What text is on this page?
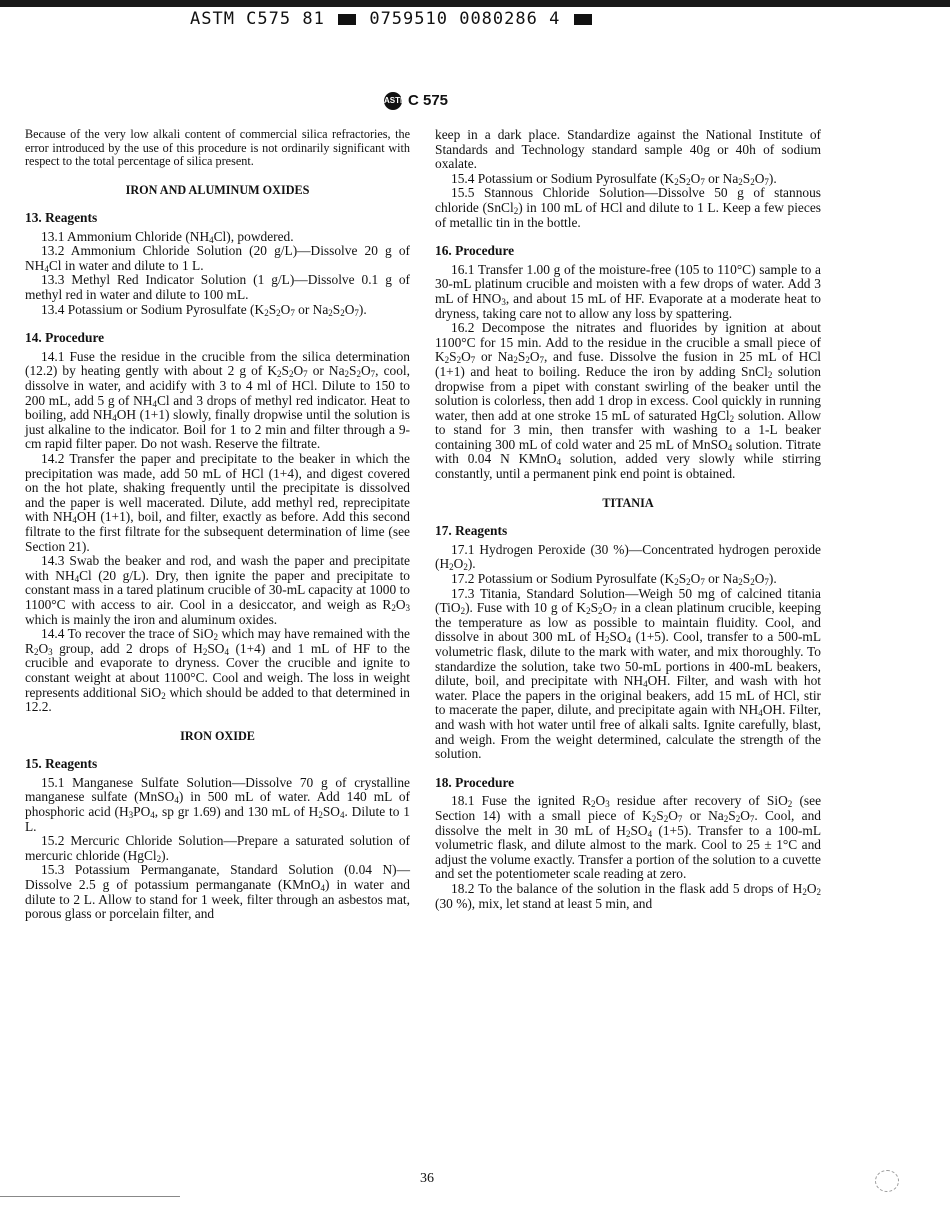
ASTM C575 81	0759510 0080286 4
ASTMC 575

Because of the very low alkali content of commercial silica refractories, the error introduced by the use of this procedure is not ordinarily significant with respect to the total percentage of silica present.

IRON AND ALUMINUM OXIDES
13. Reagents

13.1 Ammonium Chloride $(NH_4Cl)$, powdered.

13.2 Ammonium Chloride Solution (20 g/L)—Dissolve 20 g of $NH_4Cl$ in water and dilute to 1 L.

13.3 Methyl Red Indicator Solution (1 g/L)—Dissolve 0.1 g of methyl red in water and dilute to 100 mL.

13.4 Potassium or Sodium Pyrosulfate ($K_2S_2O_7$ or $Na_2S_2O_7$).

14. Procedure

14.1 Fuse the residue in the crucible from the silica determination (12.2) by heating gently with about 2 g of $K_2S_2O_7$ or $Na_2S_2O_7$, cool, dissolve in water, and acidify with 3 to 4 ml of HCl. Dilute to 150 to 200 mL, add 5 g of $NH_4Cl$ and 3 drops of methyl red indicator. Heat to boiling, add $NH_4OH$ (1+1) slowly, finally dropwise until the solution is just alkaline to the indicator. Boil for 1 to 2 min and filter through a 9-cm rapid filter paper. Do not wash. Reserve the filtrate.

14.2 Transfer the paper and precipitate to the beaker in which the precipitation was made, add 50 mL of HCl (1+4), and digest covered on the hot plate, shaking frequently until the precipitate is dissolved and the paper is well macerated. Dilute, add methyl red, reprecipitate with $NH_4OH$ (1+1), boil, and filter, exactly as before. Add this second filtrate to the first filtrate for the subsequent determination of lime (see Section 21).

14.3 Swab the beaker and rod, and wash the paper and precipitate with $NH_4Cl$ (20 g/L). Dry, then ignite the paper and precipitate to constant mass in a tared platinum crucible of 30-mL capacity at 1000 to 1100°C with access to air. Cool in a desiccator, and weigh as $R_2O_3$ which is mainly the iron and aluminum oxides.

14.4 To recover the trace of SiO$_2$ which may have remained with the $R_2O_3$ group, add 2 drops of $H_2SO_4$ (1+4) and 1 mL of HF to the crucible and evaporate to dryness. Cover the crucible and ignite to constant weight at about 1100°C. Cool and weigh. The loss in weight represents additional SiO$_2$ which should be added to that determined in 12.2.

IRON OXIDE
15. Reagents

15.1 Manganese Sulfate Solution—Dissolve 70 g of crystalline manganese sulfate (MnSO$_4$) in 500 mL of water. Add 140 mL of phosphoric acid ($H_3PO_4$, sp gr 1.69) and 130 mL of $H_2SO_4$. Dilute to 1 L.

15.2 Mercuric Chloride Solution—Prepare a saturated solution of mercuric chloride (HgCl$_2$).

15.3 Potassium Permanganate, Standard Solution (0.04 N)—Dissolve 2.5 g of potassium permanganate (KMnO$_4$) in water and dilute to 2 L. Allow to stand for 1 week, filter through an asbestos mat, porous glass or porcelain filter, and

keep in a dark place. Standardize against the National Institute of Standards and Technology standard sample 40g or 40h of sodium oxalate.

15.4 Potassium or Sodium Pyrosulfate ($K_2S_2O_7$ or $Na_2S_2O_7$).

15.5 Stannous Chloride Solution—Dissolve 50 g of stannous chloride (SnCl$_2$) in 100 mL of HCl and dilute to 1 L. Keep a few pieces of metallic tin in the bottle.

16. Procedure

16.1 Transfer 1.00 g of the moisture-free (105 to 110°C) sample to a 30-mL platinum crucible and moisten with a few drops of water. Add 3 mL of $HNO_3$, and about 15 mL of HF. Evaporate at a moderate heat to dryness, taking care not to allow any loss by spattering.

16.2 Decompose the nitrates and fluorides by ignition at about 1100°C for 15 min. Add to the residue in the crucible a small piece of $K_2S_2O_7$ or $Na_2S_2O_7$, and fuse. Dissolve the fusion in 25 mL of HCl (1+1) and heat to boiling. Reduce the iron by adding SnCl$_2$ solution dropwise from a pipet with constant swirling of the beaker until the solution is colorless, then add 1 drop in excess. Cool quickly in running water, then add at one stroke 15 mL of saturated HgCl$_2$ solution. Allow to stand for 3 min, then transfer with washing to a 1-L beaker containing 300 mL of cold water and 25 mL of MnSO$_4$ solution. Titrate with 0.04 N KMnO$_4$ solution, added very slowly while stirring constantly, until a permanent pink end point is obtained.

TITANIA
17. Reagents

17.1 Hydrogen Peroxide (30 %)—Concentrated hydrogen peroxide $(H_2O_2)$.

17.2 Potassium or Sodium Pyrosulfate ($K_2S_2O_7$ or $Na_2S_2O_7$).

17.3 Titania, Standard Solution—Weigh 50 mg of calcined titania (TiO$_2$). Fuse with 10 g of $K_2S_2O_7$ in a clean platinum crucible, keeping the temperature as low as possible to maintain fluidity. Cool, and dissolve in about 300 mL of $H_2SO_4$ (1+5). Cool, transfer to a 500-mL volumetric flask, dilute to the mark with water, and mix thoroughly. To standardize the solution, take two 50-mL portions in 400-mL beakers, dilute, boil, and precipitate with $NH_4OH$. Filter, and wash with hot water. Place the papers in the original beakers, add 15 mL of HCl, stir to macerate the paper, dilute, and precipitate again with $NH_4OH$. Filter, and wash with hot water until free of alkali salts. Ignite carefully, blast, and weigh. From the weight determined, calculate the strength of the solution.

18. Procedure

18.1 Fuse the ignited $R_2O_3$ residue after recovery of SiO$_2$ (see Section 14) with a small piece of $K_2S_2O_7$ or $Na_2S_2O_7$. Cool, and dissolve the melt in 30 mL of $H_2SO_4$ (1+5). Transfer to a 100-mL volumetric flask, and dilute almost to the mark. Cool to 25 ± 1°C and adjust the volume exactly. Transfer a portion of the solution to a cuvette and set the potentiometer scale reading at zero.

18.2 To the balance of the solution in the flask add 5 drops of $H_2O_2$ (30 %), mix, let stand at least 5 min, and

36
